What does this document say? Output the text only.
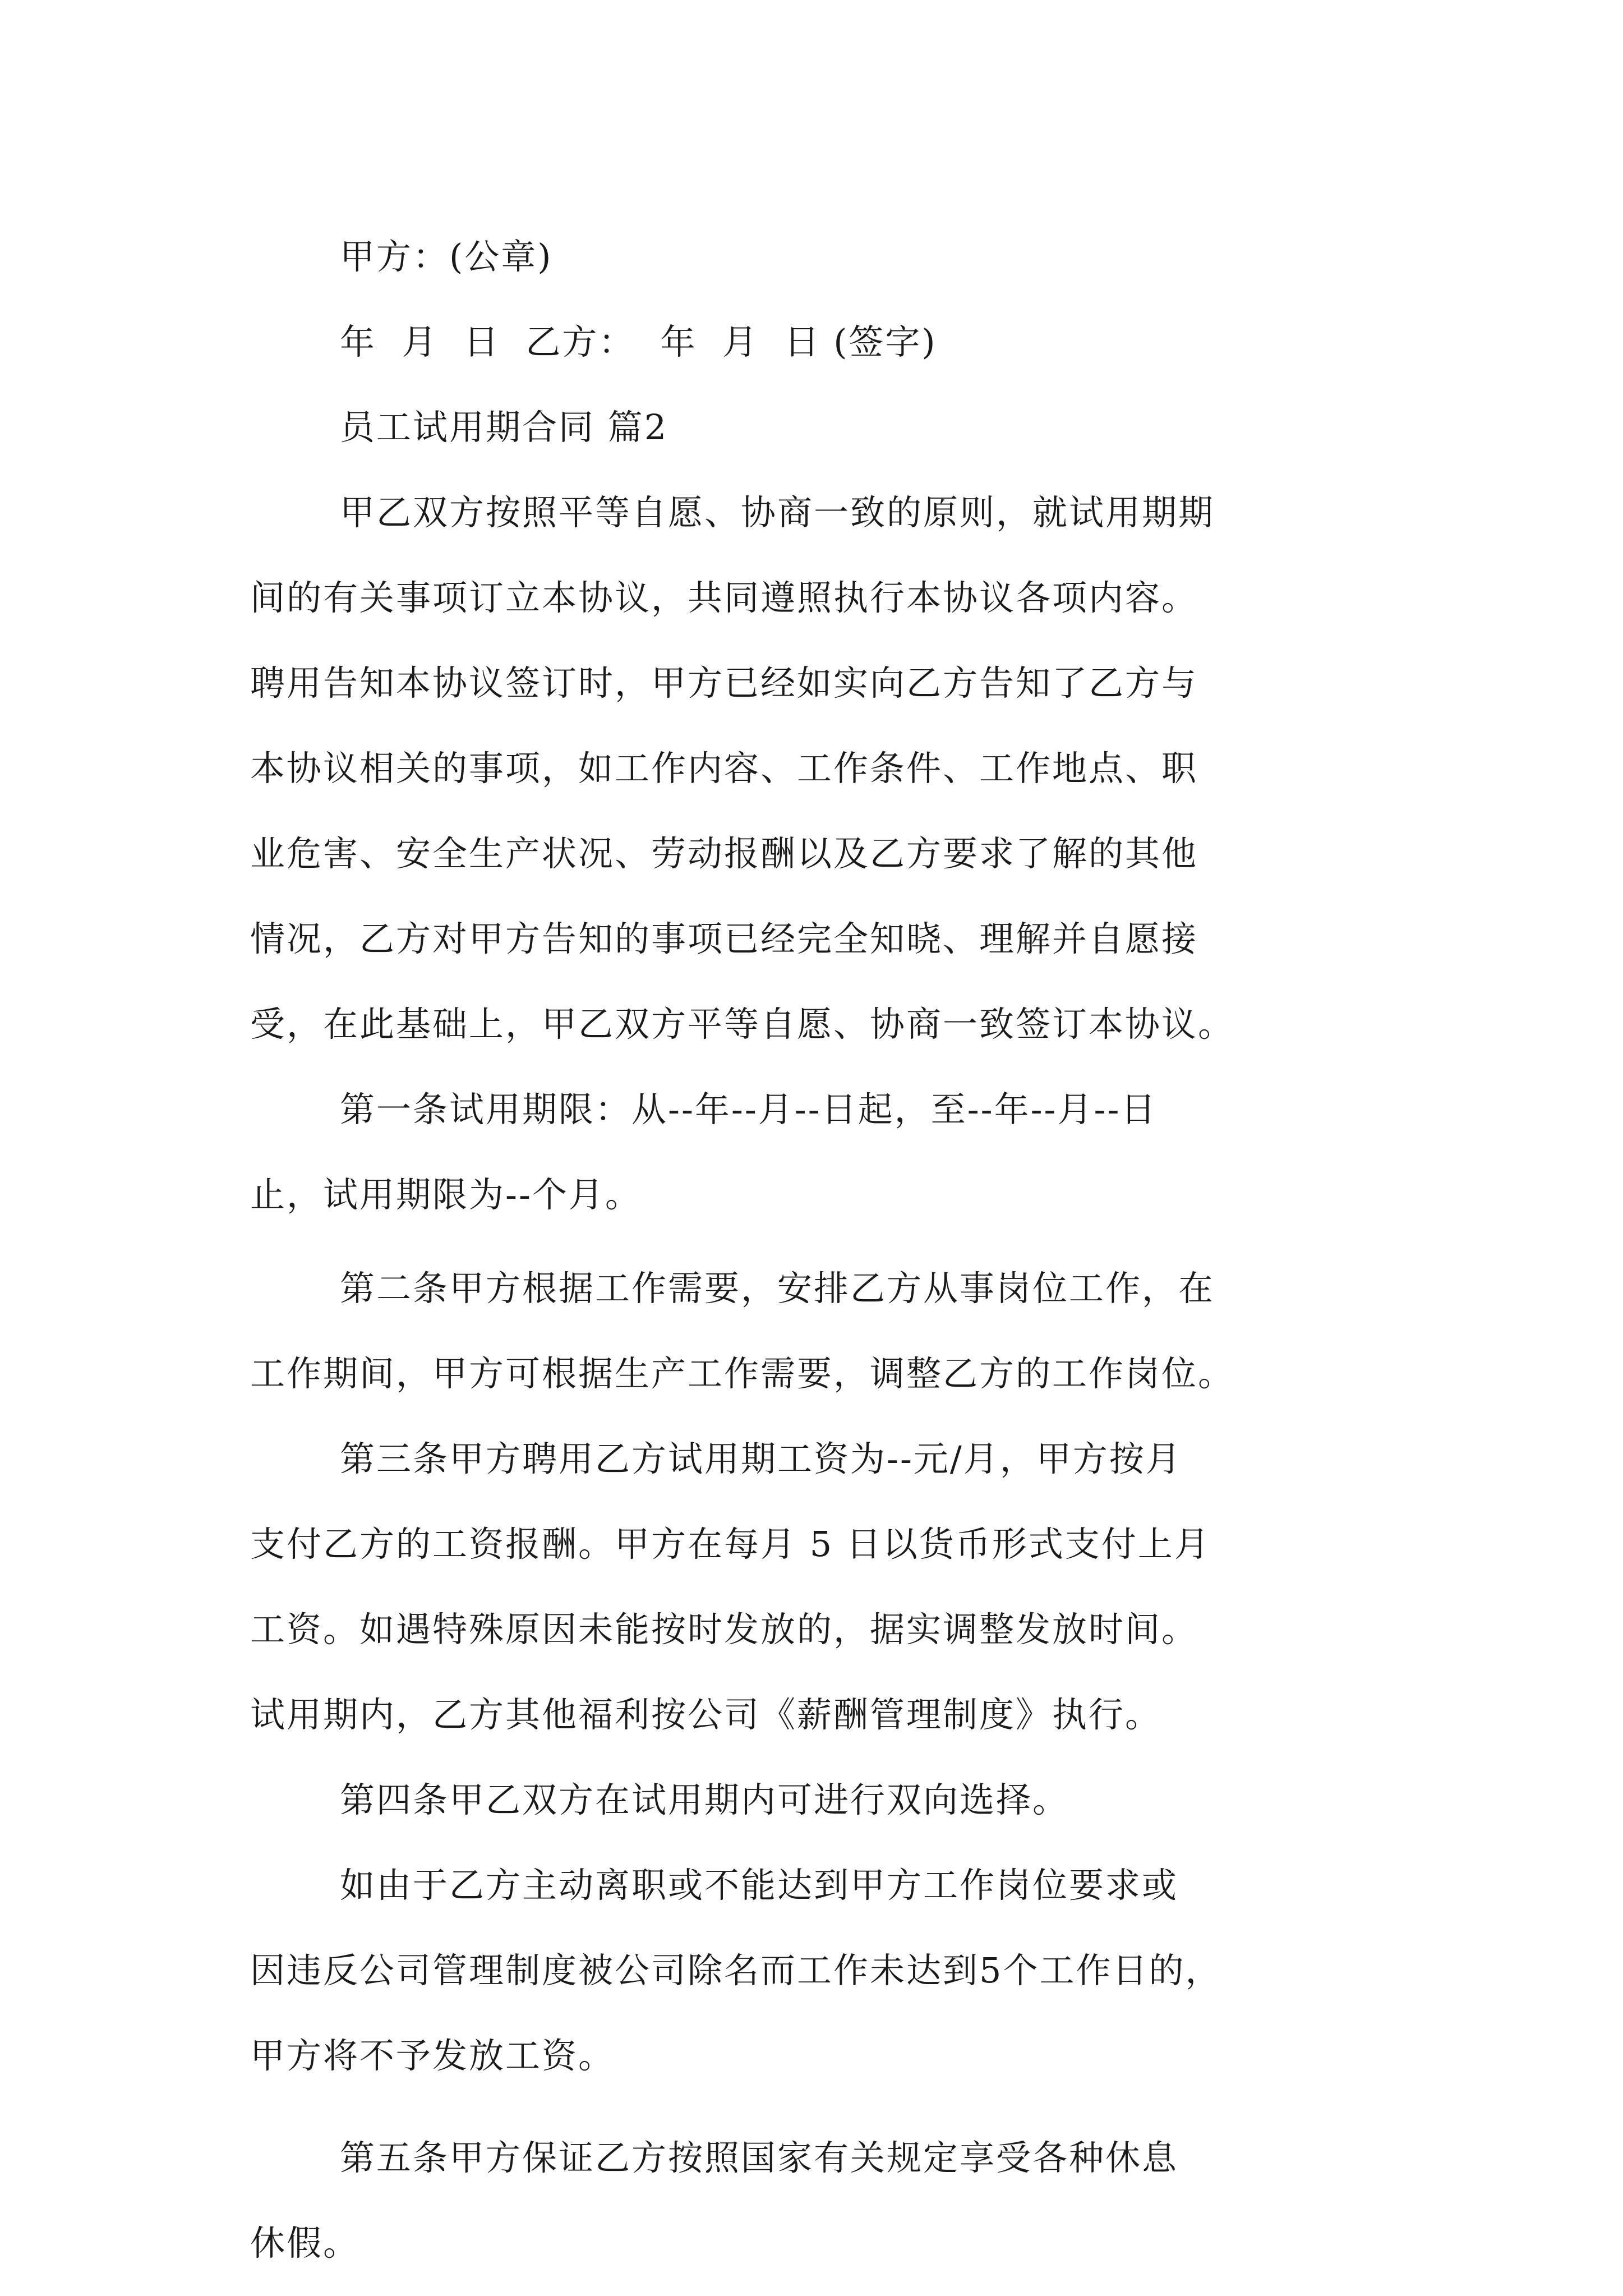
甲方：(公章)
年  月  日  乙方：  年  月  日 (签字)
员工试用期合同 篇2
甲乙双方按照平等自愿、协商一致的原则，就试用期期
间的有关事项订立本协议，共同遵照执行本协议各项内容。
聘用告知本协议签订时，甲方已经如实向乙方告知了乙方与
本协议相关的事项，如工作内容、工作条件、工作地点、职
业危害、安全生产状况、劳动报酬以及乙方要求了解的其他
情况，乙方对甲方告知的事项已经完全知晓、理解并自愿接
受，在此基础上，甲乙双方平等自愿、协商一致签订本协议。
第一条试用期限：从--年--月--日起，至--年--月--日
止，试用期限为--个月。
第二条甲方根据工作需要，安排乙方从事岗位工作，在
工作期间，甲方可根据生产工作需要，调整乙方的工作岗位。
第三条甲方聘用乙方试用期工资为--元/月，甲方按月
支付乙方的工资报酬。甲方在每月 5 日以货币形式支付上月
工资。如遇特殊原因未能按时发放的，据实调整发放时间。
试用期内，乙方其他福利按公司《薪酬管理制度》执行。
第四条甲乙双方在试用期内可进行双向选择。
如由于乙方主动离职或不能达到甲方工作岗位要求或
因违反公司管理制度被公司除名而工作未达到5个工作日的，
甲方将不予发放工资。
第五条甲方保证乙方按照国家有关规定享受各种休息
休假。
